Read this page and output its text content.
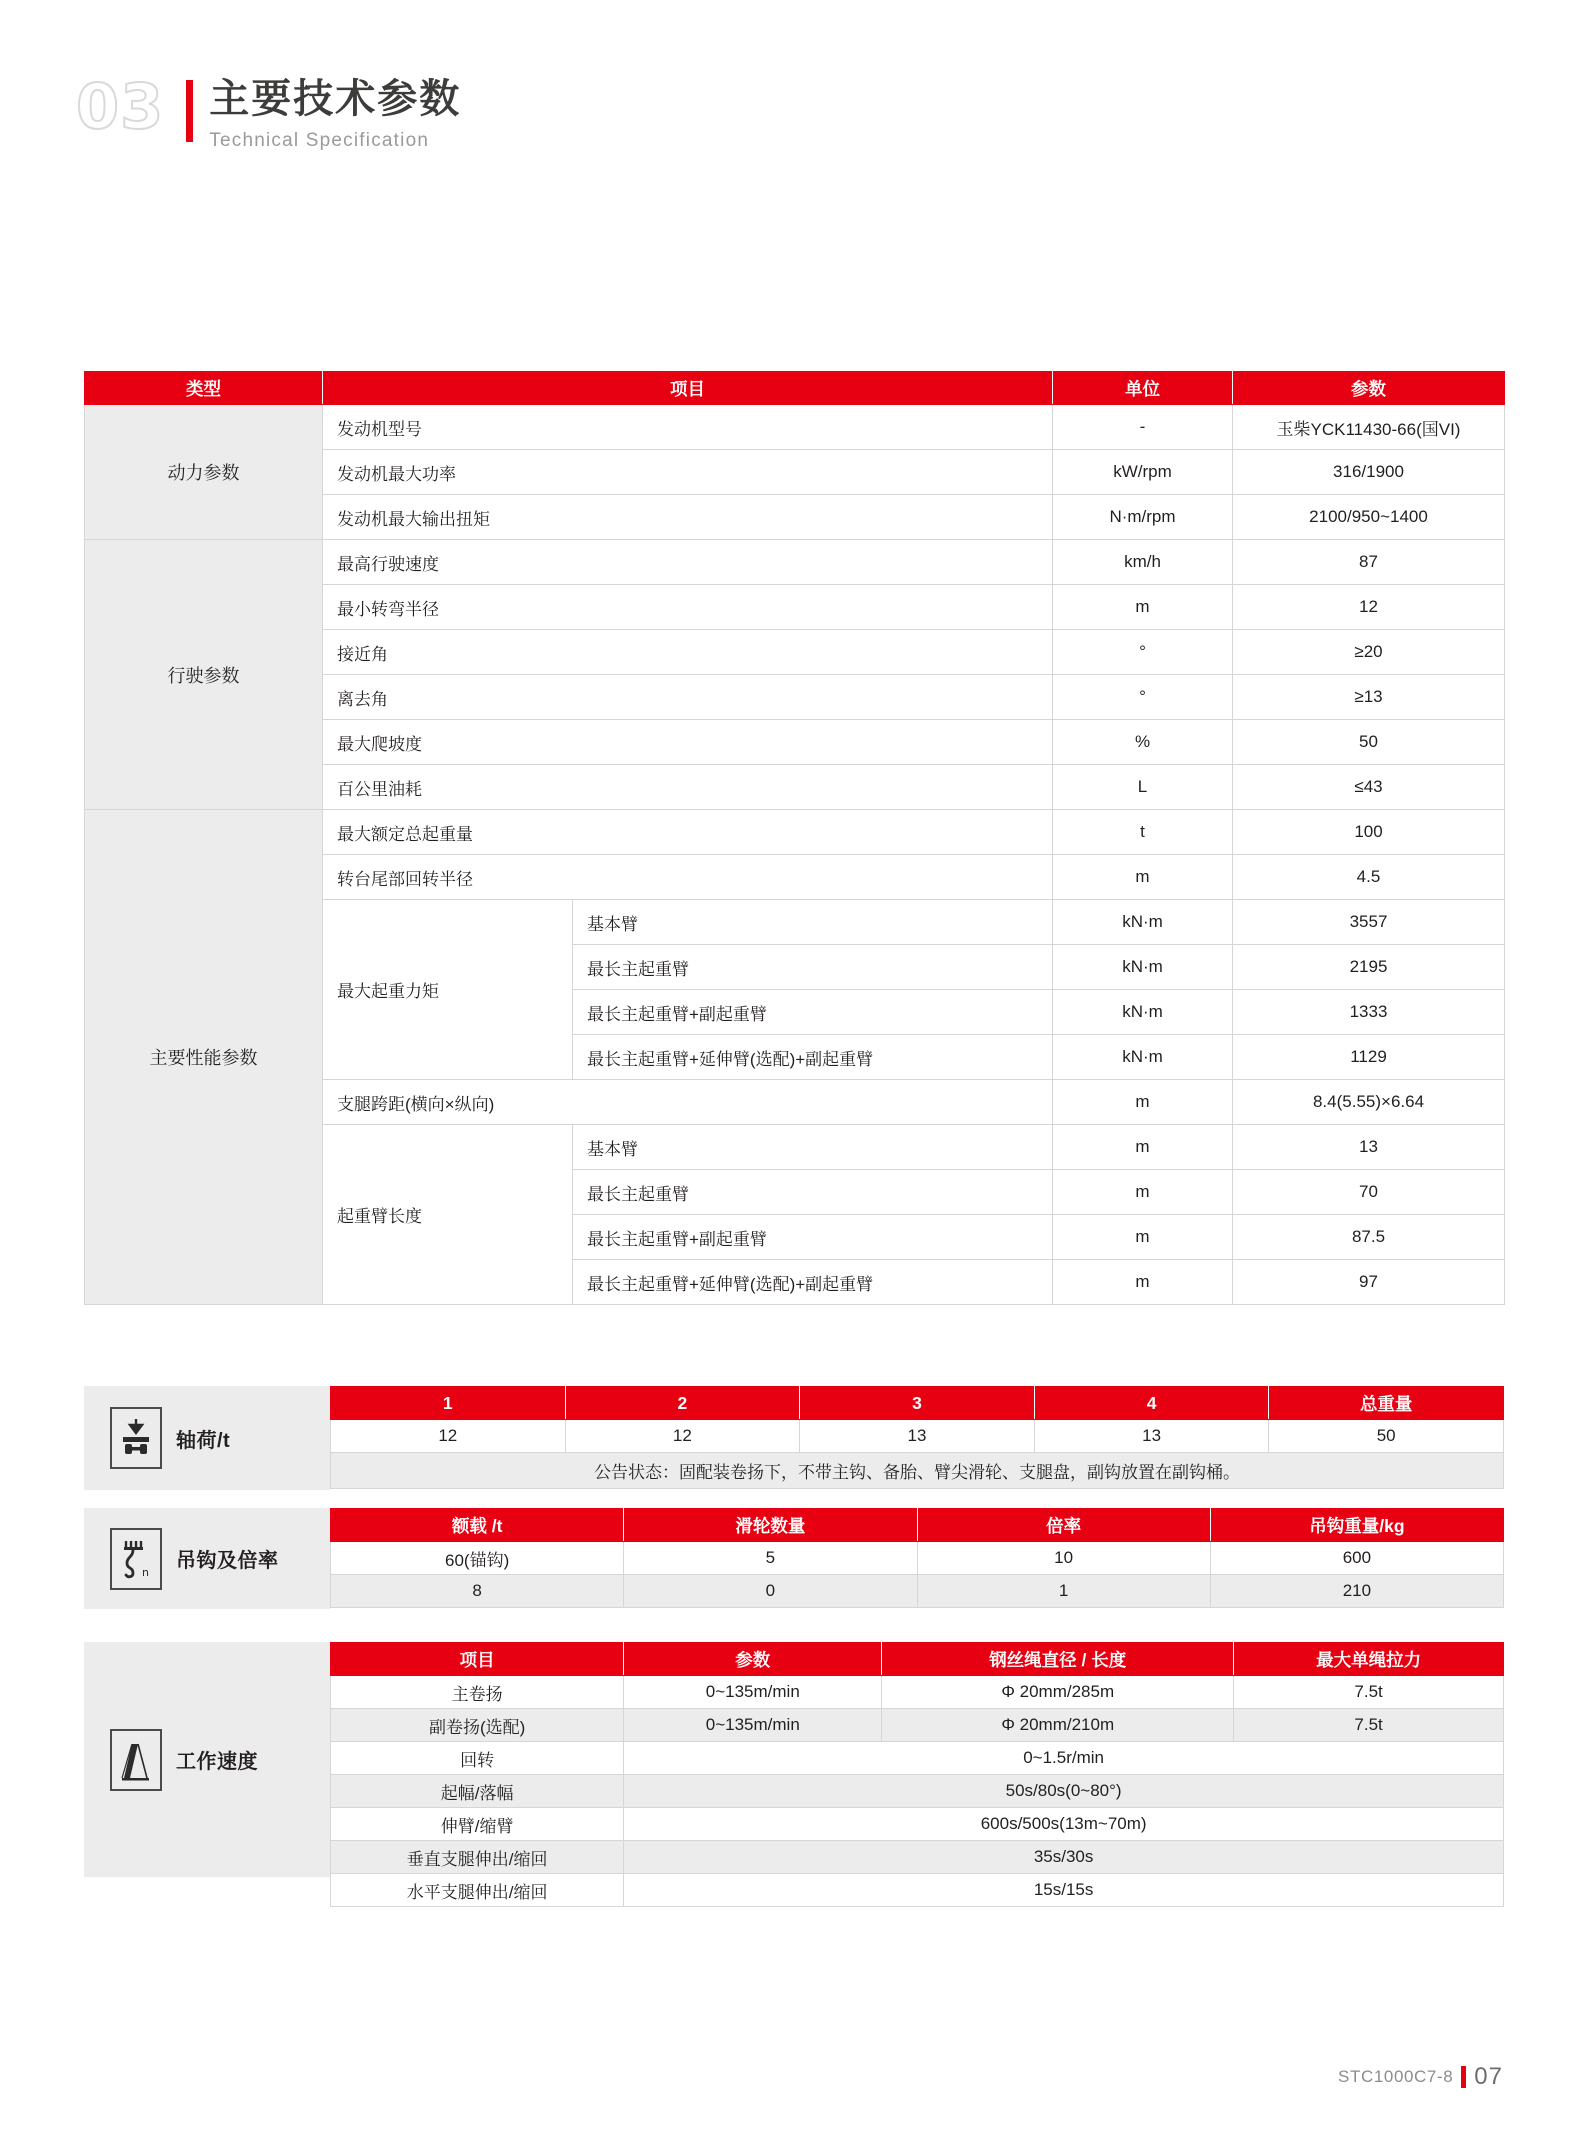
03 主要技术参数
Technical Specification
类型	项目		单位	参数
动力参数	发动机型号		-	玉柴YCK11430-66(国VI)
	发动机最大功率		kW/rpm	316/1900
	发动机最大输出扭矩		N·m/rpm	2100/950~1400
行驶参数	最高行驶速度		km/h	87
	最小转弯半径		m	12
	接近角		°	≥20
	离去角		°	≥13
	最大爬坡度		%	50
	百公里油耗		L	≤43
主要性能参数	最大额定总起重量		t	100
	转台尾部回转半径		m	4.5
	最大起重力矩	基本臂	kN·m	3557
		最长主起重臂	kN·m	2195
		最长主起重臂+副起重臂	kN·m	1333
		最长主起重臂+延伸臂(选配)+副起重臂	kN·m	1129
	支腿跨距(横向×纵向)		m	8.4(5.55)×6.64
	起重臂长度	基本臂	m	13
		最长主起重臂	m	70
		最长主起重臂+副起重臂	m	87.5
		最长主起重臂+延伸臂(选配)+副起重臂	m	97
轴荷/t
1	2	3	4	总重量
12	12	13	13	50
公告状态：固配装卷扬下，不带主钩、备胎、臂尖滑轮、支腿盘，副钩放置在副钩桶。				
n 吊钩及倍率
额载 /t	滑轮数量	倍率	吊钩重量/kg
60(锚钩)	5	10	600
8	0	1	210
工作速度
项目	参数	钢丝绳直径 / 长度	最大单绳拉力
主卷扬	0~135m/min	Φ 20mm/285m	7.5t
副卷扬(选配)	0~135m/min	Φ 20mm/210m	7.5t
回转	0~1.5r/min		
起幅/落幅	50s/80s(0~80°)		
伸臂/缩臂	600s/500s(13m~70m)		
垂直支腿伸出/缩回	35s/30s		
水平支腿伸出/缩回	15s/15s		
STC1000C7-8 07
